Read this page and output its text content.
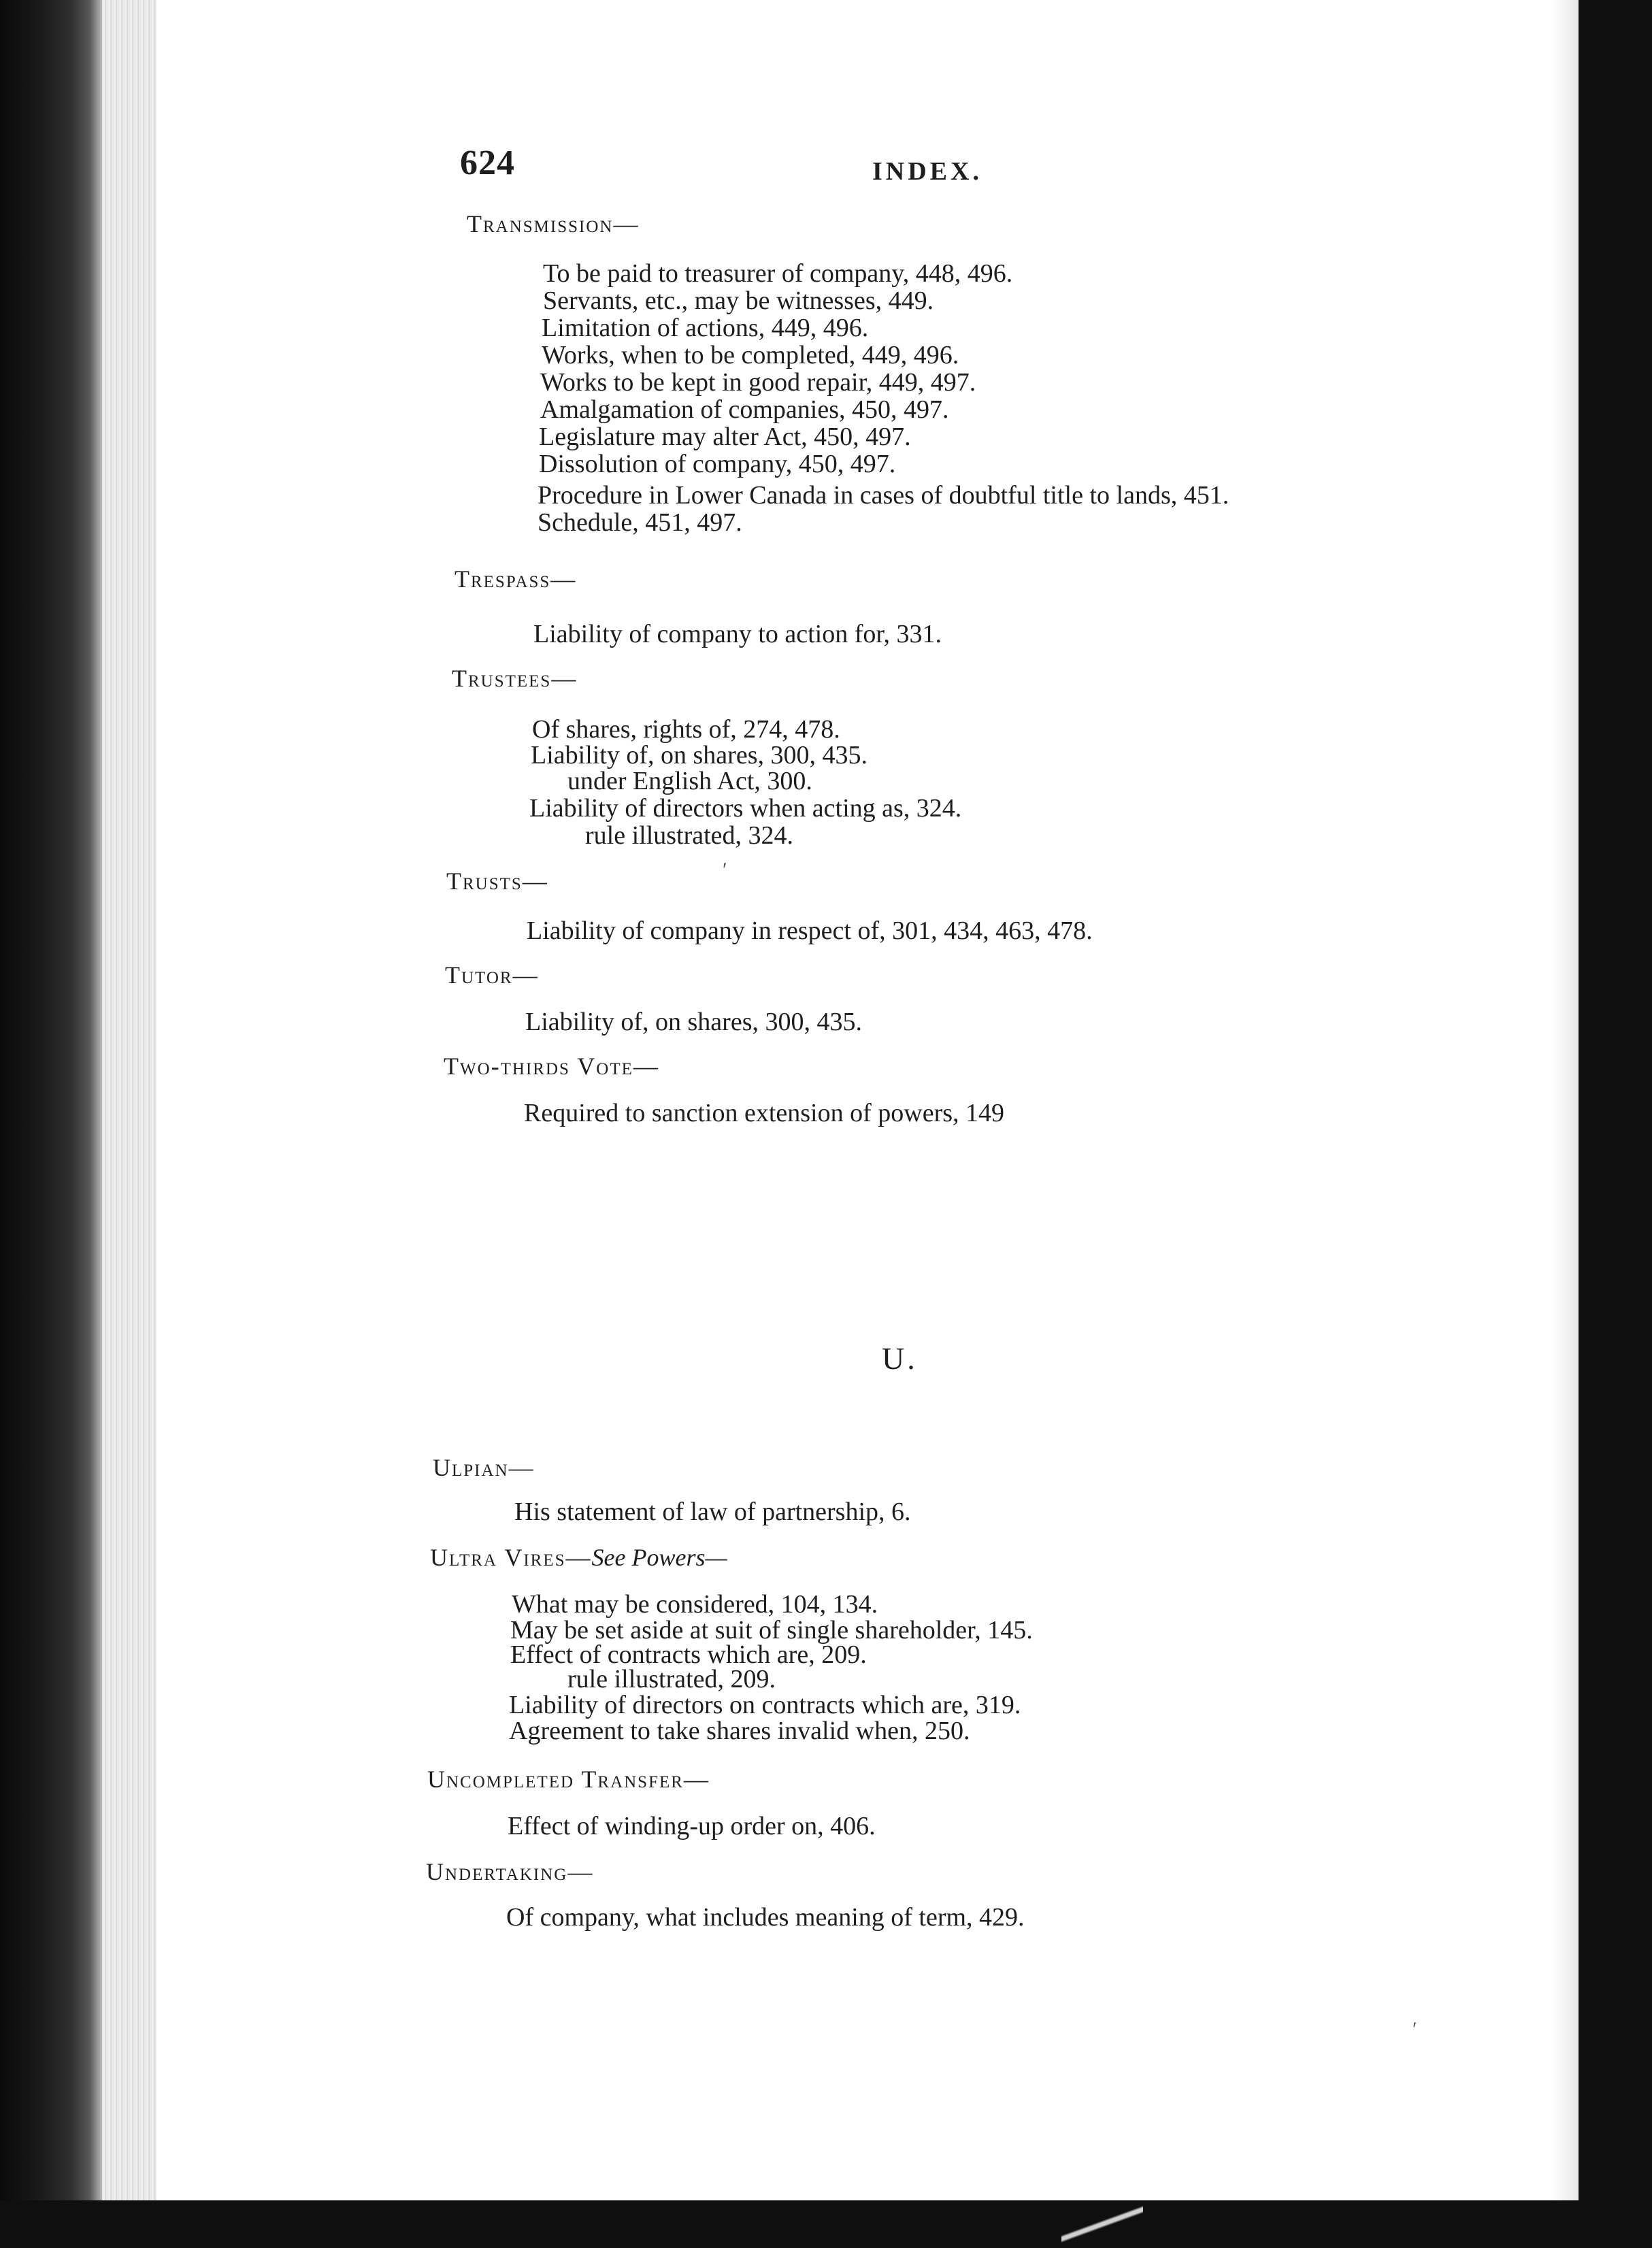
624	INDEX.
Transmission—
To be paid to treasurer of company, 448, 496.
Servants, etc., may be witnesses, 449.
Limitation of actions, 449, 496.
Works, when to be completed, 449, 496.
Works to be kept in good repair, 449, 497.
Amalgamation of companies, 450, 497.
Legislature may alter Act, 450, 497.
Dissolution of company, 450, 497.
Procedure in Lower Canada in cases of doubtful title to lands, 451.
Schedule, 451, 497.
Trespass—
Liability of company to action for, 331.
Trustees—
Of shares, rights of, 274, 478.
Liability of, on shares, 300, 435.
under English Act, 300.
Liability of directors when acting as, 324.
rule illustrated, 324.
Trusts—
Liability of company in respect of, 301, 434, 463, 478.
Tutor—
Liability of, on shares, 300, 435.
Two-thirds Vote—
Required to sanction extension of powers, 149
U.
Ulpian—
His statement of law of partnership, 6.
Ultra Vires—See Powers—
What may be considered, 104, 134.
May be set aside at suit of single shareholder, 145.
Effect of contracts which are, 209.
rule illustrated, 209.
Liability of directors on contracts which are, 319.
Agreement to take shares invalid when, 250.
Uncompleted Transfer—
Effect of winding-up order on, 406.
Undertaking—
Of company, what includes meaning of term, 429.
ʹ
ʹ
